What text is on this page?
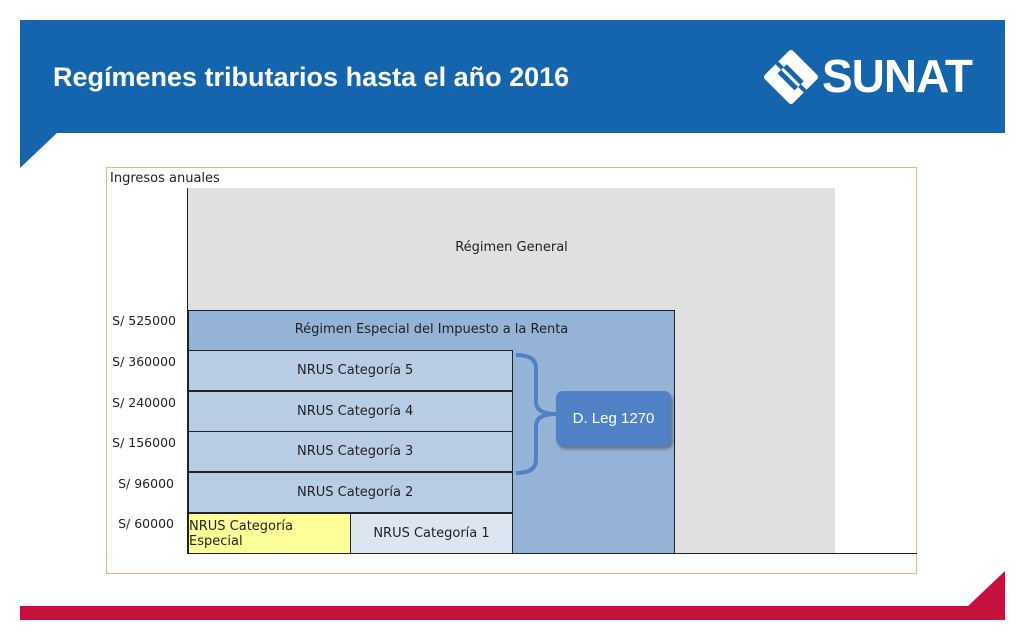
Regímenes tributarios hasta el año 2016	SUNAT
Ingresos anuales
Régimen General
Régimen Especial del Impuesto a la Renta
NRUS Categoría 5
NRUS Categoría 4
NRUS Categoría 3
NRUS Categoría 2
NRUS Categoría Especial	NRUS Categoría 1
S/ 525000
S/ 360000
S/ 240000
S/ 156000
S/ 96000
S/ 60000
D. Leg 1270
